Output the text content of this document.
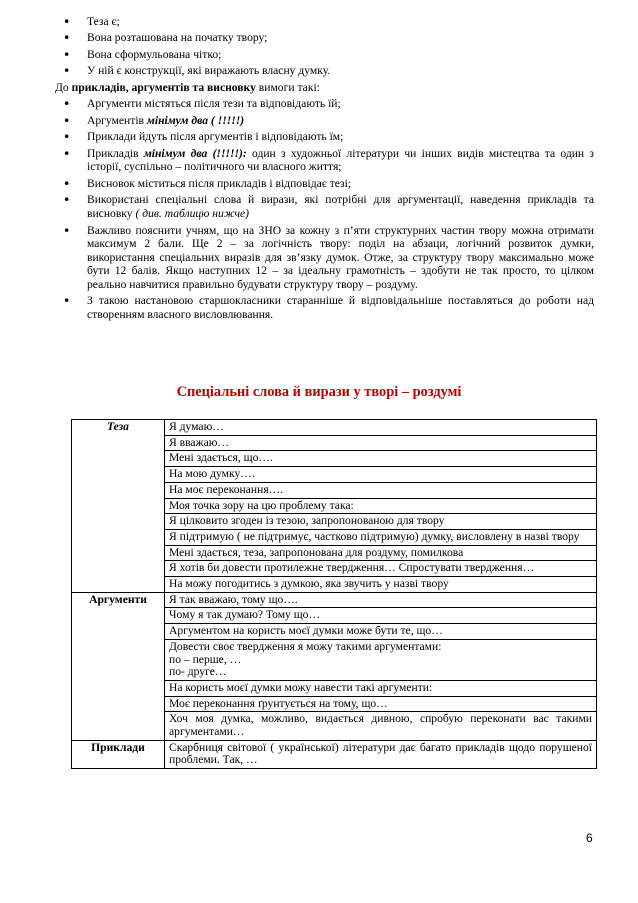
• Теза є;
• Вона розташована на початку твору;
• Вона сформульована чітко;
• У ній є конструкції, які виражають власну думку.
До прикладів, аргументів та висновку вимоги такі:
• Аргументи містяться після тези та відповідають їй;
• Аргументів мінімум два ( !!!!!)
• Приклади йдуть після аргументів і відповідають їм;
• Прикладів мінімум два (!!!!!): один з художньої літератури чи інших видів мистецтва та один з історії, суспільно – політичного чи власного життя;
• Висновок міститься після прикладів і відповідає тезі;
• Використані спеціальні слова й вирази, які потрібні для аргументації, наведення прикладів та висновку ( див. таблицю нижче)
• Важливо пояснити учням, що на ЗНО за кожну з п’яти структурних частин твору можна отримати максимум 2 бали. Ще 2 – за логічність твору: поділ на абзаци, логічний розвиток думки, використання спеціальних виразів для зв’язку думок. Отже, за структуру твору максимально може бути 12 балів. Якщо наступних 12 – за ідеальну грамотність – здобути не так просто, то цілком реально навчитися правильно будувати структуру твору – роздуму.
• З такою настановою старшокласники старанніше й відповідальніше поставляться до роботи над створенням власного висловлювання.
Спеціальні слова й вирази у творі – роздумі
Теза	Я думаю…
	Я вважаю…
	Мені здається, що….
	На мою думку….
	На моє переконання….
	Моя точка зору на цю проблему така:
	Я цілковито згоден із тезою, запропонованою для твору
	Я підтримую ( не підтримує, частково підтримую) думку, висловлену в назві твору
	Мені здається, теза, запропонована для роздуму, помилкова
	Я хотів би довести протилежне твердження… Спростувати твердження…
	На можу погодитись з думкою, яка звучить у назві твору
Аргументи	Я так вважаю, тому що….
	Чому я так думаю? Тому що…
	Аргументом на користь моєї думки може бути те, що…

	Довести своє твердження я можу такими аргументами:
по – перше, …
по- друге…

	На користь моєї думки можу навести такі аргументи:
	Моє переконання ґрунтується на тому, що…
	Хоч моя думка, можливо, видається дивною, спробую переконати вас такими аргументами…
Приклади	Скарбниця світової ( української) літератури дає багато прикладів щодо порушеної проблеми. Так, …
6
